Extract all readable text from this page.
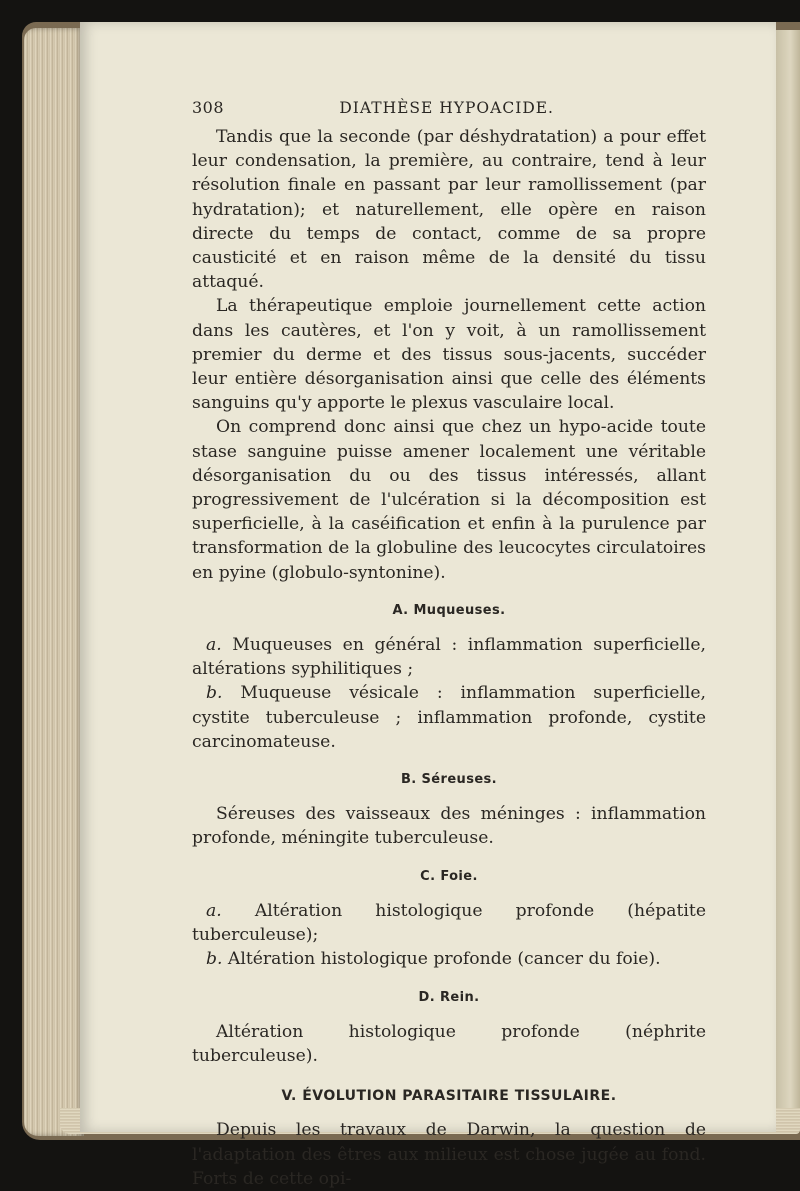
308	DIATHÈSE HYPOACIDE.

Tandis que la seconde (par déshydratation) a pour effet leur condensation, la première, au contraire, tend à leur résolution finale en passant par leur ramollissement (par hydratation); et naturellement, elle opère en raison directe du temps de contact, comme de sa propre causticité et en raison même de la densité du tissu attaqué.

La thérapeutique emploie journellement cette action dans les cautères, et l'on y voit, à un ramollissement premier du derme et des tissus sous-jacents, succéder leur entière désorganisation ainsi que celle des éléments sanguins qu'y apporte le plexus vasculaire local.

On comprend donc ainsi que chez un hypo-acide toute stase sanguine puisse amener localement une véritable désorganisation du ou des tissus intéressés, allant progressivement de l'ulcération si la décomposition est superficielle, à la caséification et enfin à la purulence par transformation de la globuline des leucocytes circulatoires en pyine (globulo-syntonine).

A. Muqueuses.

a. Muqueuses en général : inflammation superficielle, altérations syphilitiques ;

b. Muqueuse vésicale : inflammation superficielle, cystite tuberculeuse ; inflammation profonde, cystite carcinomateuse.

B. Séreuses.

Séreuses des vaisseaux des méninges : inflammation profonde, méningite tuberculeuse.

C. Foie.

a. Altération histologique profonde (hépatite tuberculeuse);

b. Altération histologique profonde (cancer du foie).

D. Rein.

Altération histologique profonde (néphrite tuberculeuse).

V. ÉVOLUTION PARASITAIRE TISSULAIRE.

Depuis les travaux de Darwin, la question de l'adaptation des êtres aux milieux est chose jugée au fond. Forts de cette opi-
